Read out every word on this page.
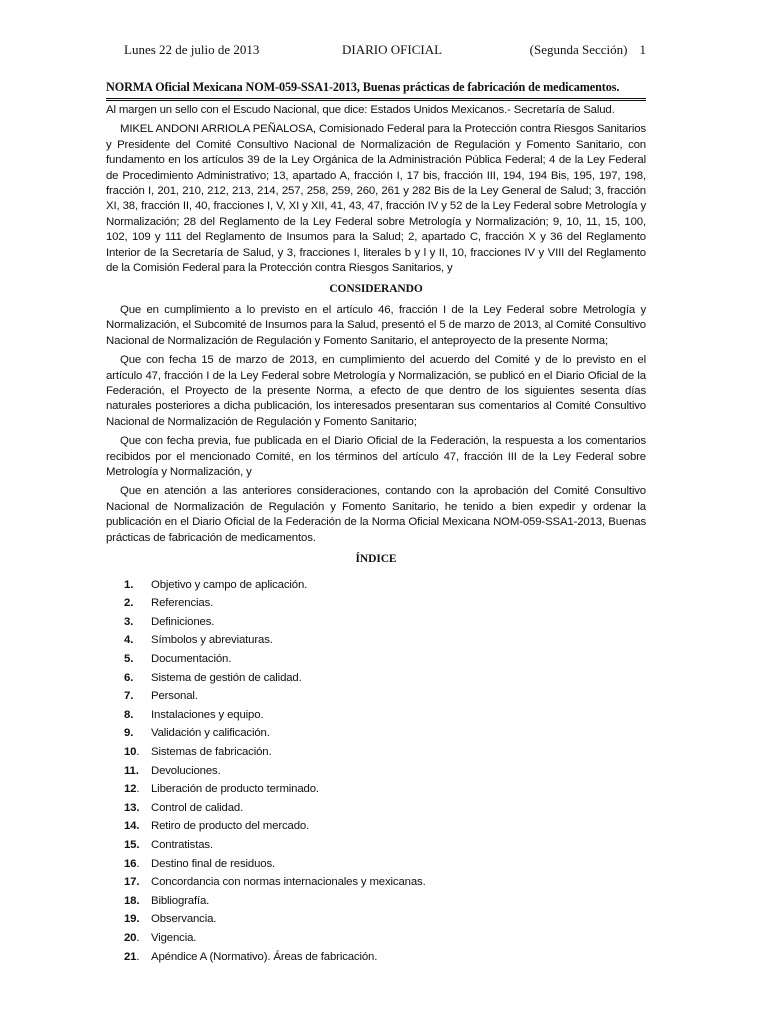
Lunes 22 de julio de 2013	DIARIO OFICIAL	(Segunda Sección) 1
NORMA Oficial Mexicana NOM-059-SSA1-2013, Buenas prácticas de fabricación de medicamentos.

Al margen un sello con el Escudo Nacional, que dice: Estados Unidos Mexicanos.- Secretaría de Salud.

MIKEL ANDONI ARRIOLA PEÑALOSA, Comisionado Federal para la Protección contra Riesgos Sanitarios y Presidente del Comité Consultivo Nacional de Normalización de Regulación y Fomento Sanitario, con fundamento en los artículos 39 de la Ley Orgánica de la Administración Pública Federal; 4 de la Ley Federal de Procedimiento Administrativo; 13, apartado A, fracción I, 17 bis, fracción III, 194, 194 Bis, 195, 197, 198, fracción I, 201, 210, 212, 213, 214, 257, 258, 259, 260, 261 y 282 Bis de la Ley General de Salud; 3, fracción XI, 38, fracción II, 40, fracciones I, V, XI y XII, 41, 43, 47, fracción IV y 52 de la Ley Federal sobre Metrología y Normalización; 28 del Reglamento de la Ley Federal sobre Metrología y Normalización; 9, 10, 11, 15, 100, 102, 109 y 111 del Reglamento de Insumos para la Salud; 2, apartado C, fracción X y 36 del Reglamento Interior de la Secretaría de Salud, y 3, fracciones I, literales b y l y II, 10, fracciones IV y VIII del Reglamento de la Comisión Federal para la Protección contra Riesgos Sanitarios, y

CONSIDERANDO

Que en cumplimiento a lo previsto en el artículo 46, fracción I de la Ley Federal sobre Metrología y Normalización, el Subcomité de Insumos para la Salud, presentó el 5 de marzo de 2013, al Comité Consultivo Nacional de Normalización de Regulación y Fomento Sanitario, el anteproyecto de la presente Norma;

Que con fecha 15 de marzo de 2013, en cumplimiento del acuerdo del Comité y de lo previsto en el artículo 47, fracción I de la Ley Federal sobre Metrología y Normalización, se publicó en el Diario Oficial de la Federación, el Proyecto de la presente Norma, a efecto de que dentro de los siguientes sesenta días naturales posteriores a dicha publicación, los interesados presentaran sus comentarios al Comité Consultivo Nacional de Normalización de Regulación y Fomento Sanitario;

Que con fecha previa, fue publicada en el Diario Oficial de la Federación, la respuesta a los comentarios recibidos por el mencionado Comité, en los términos del artículo 47, fracción III de la Ley Federal sobre Metrología y Normalización, y

Que en atención a las anteriores consideraciones, contando con la aprobación del Comité Consultivo Nacional de Normalización de Regulación y Fomento Sanitario, he tenido a bien expedir y ordenar la publicación en el Diario Oficial de la Federación de la Norma Oficial Mexicana NOM-059-SSA1-2013, Buenas prácticas de fabricación de medicamentos.

ÍNDICE
1.	Objetivo y campo de aplicación.
2.	Referencias.
3.	Definiciones.
4.	Símbolos y abreviaturas.
5.	Documentación.
6.	Sistema de gestión de calidad.
7.	Personal.
8.	Instalaciones y equipo.
9.	Validación y calificación.
10.	Sistemas de fabricación.
11.	Devoluciones.
12.	Liberación de producto terminado.
13.	Control de calidad.
14.	Retiro de producto del mercado.
15.	Contratistas.
16.	Destino final de residuos.
17.	Concordancia con normas internacionales y mexicanas.
18.	Bibliografía.
19.	Observancia.
20.	Vigencia.
21.	Apéndice A (Normativo). Áreas de fabricación.
